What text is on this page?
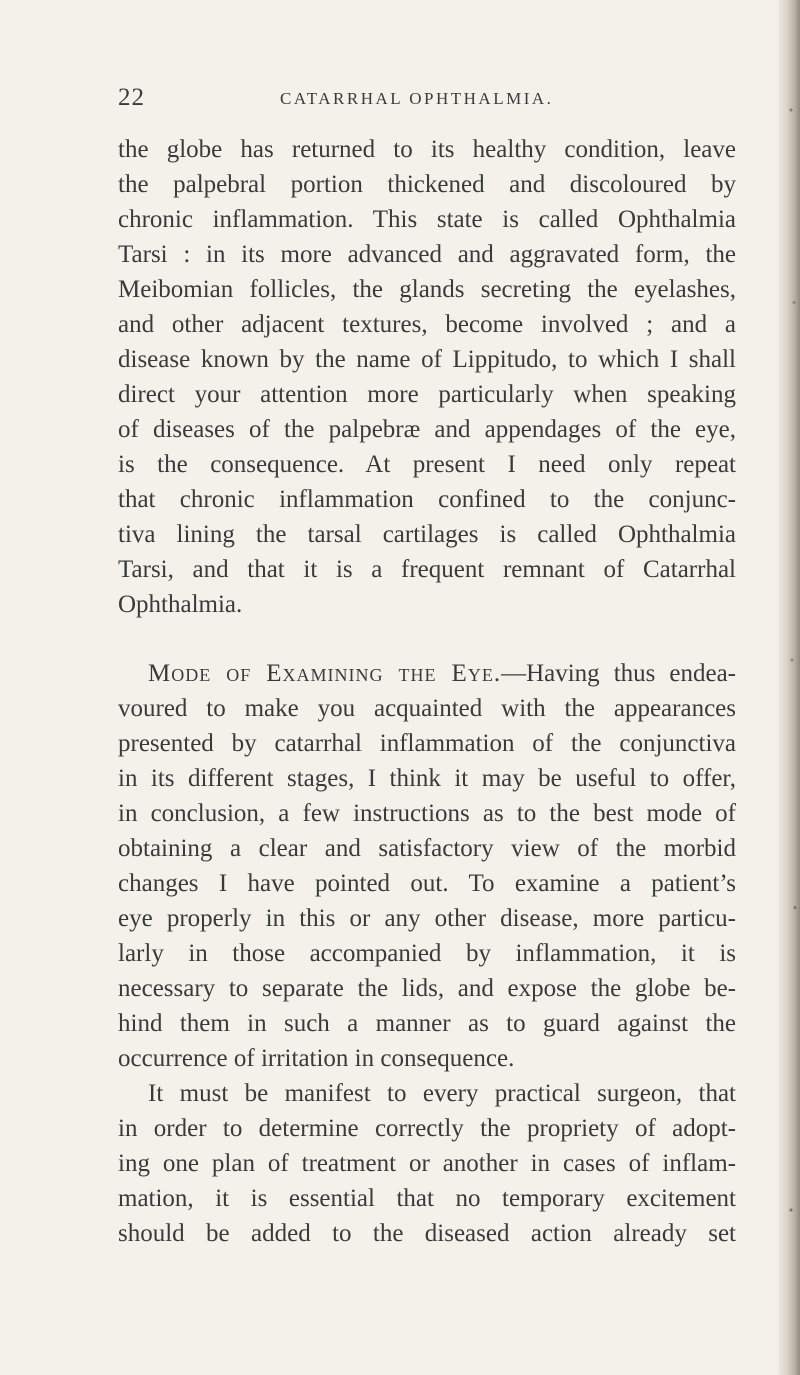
22	CATARRHAL OPHTHALMIA.
the globe has returned to its healthy condition, leave
the palpebral portion thickened and discoloured by
chronic inflammation. This state is called Ophthalmia
Tarsi : in its more advanced and aggravated form, the
Meibomian follicles, the glands secreting the eyelashes,
and other adjacent textures, become involved ; and a
disease known by the name of Lippitudo, to which I shall
direct your attention more particularly when speaking
of diseases of the palpebræ and appendages of the eye,
is the consequence. At present I need only repeat
that chronic inflammation confined to the conjunc-
tiva lining the tarsal cartilages is called Ophthalmia
Tarsi, and that it is a frequent remnant of Catarrhal
Ophthalmia.
Mode of Examining the Eye.—Having thus endea-
voured to make you acquainted with the appearances
presented by catarrhal inflammation of the conjunctiva
in its different stages, I think it may be useful to offer,
in conclusion, a few instructions as to the best mode of
obtaining a clear and satisfactory view of the morbid
changes I have pointed out. To examine a patient’s
eye properly in this or any other disease, more particu-
larly in those accompanied by inflammation, it is
necessary to separate the lids, and expose the globe be-
hind them in such a manner as to guard against the
occurrence of irritation in consequence.
It must be manifest to every practical surgeon, that
in order to determine correctly the propriety of adopt-
ing one plan of treatment or another in cases of inflam-
mation, it is essential that no temporary excitement
should be added to the diseased action already set
